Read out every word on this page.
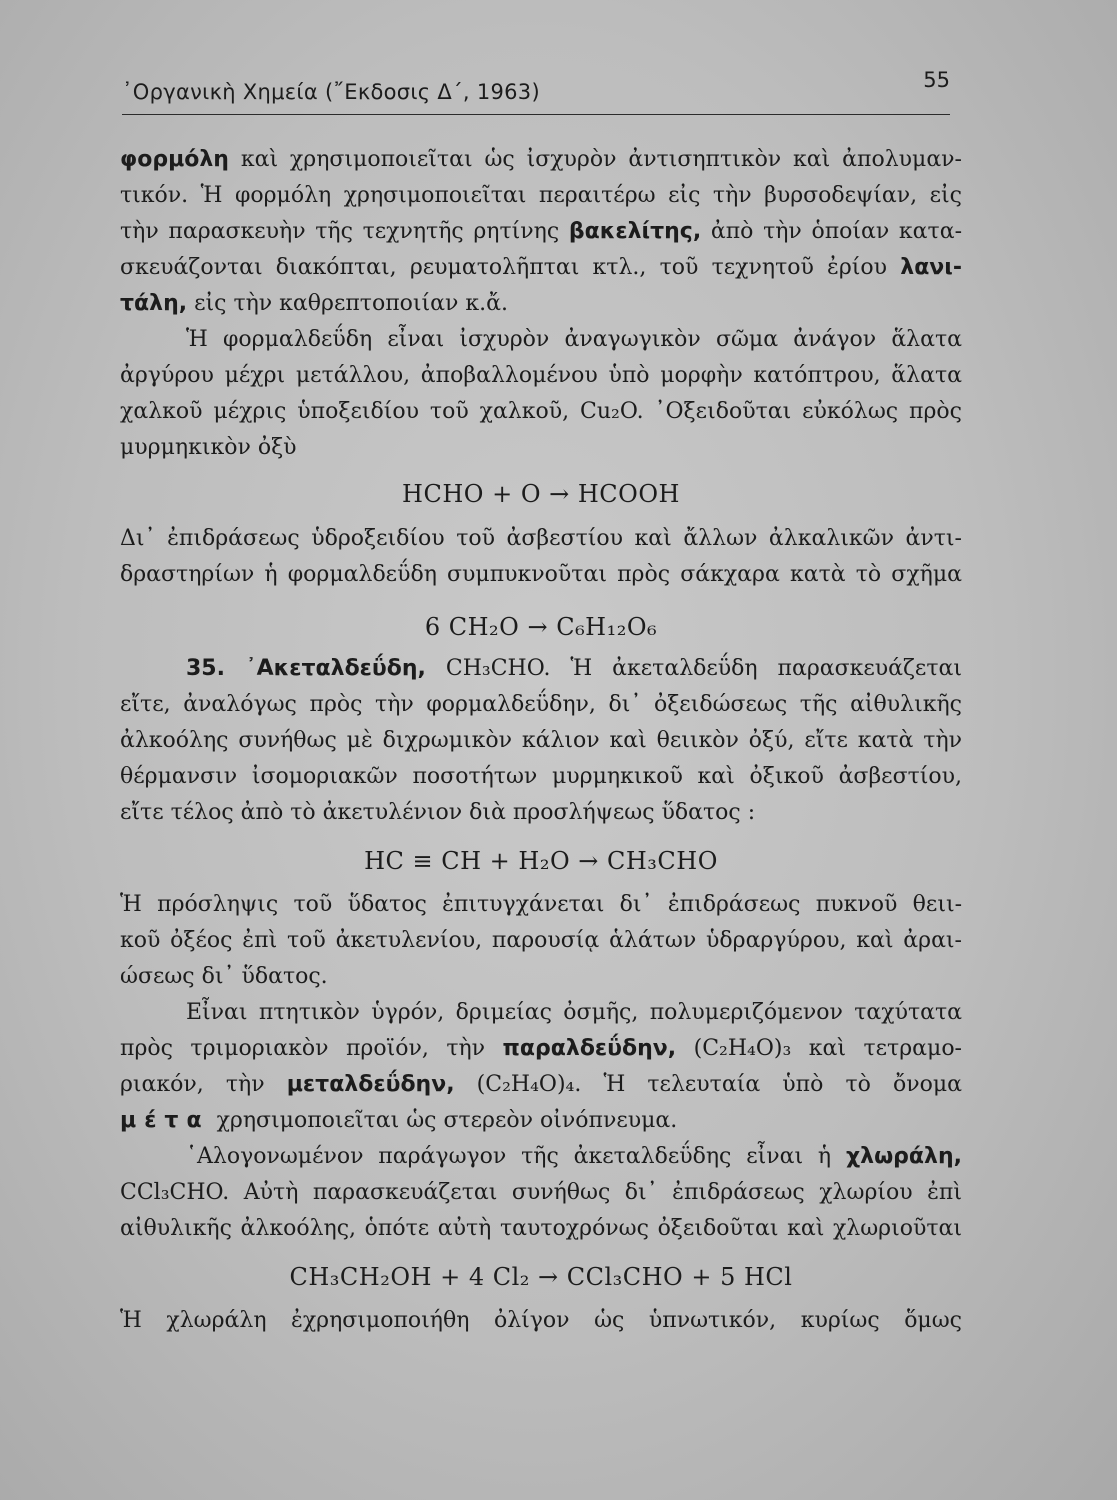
᾿Οργανικὴ Χημεία (῎Εκδοσις Δ΄, 1963)	55

φορμόλη καὶ χρησιμοποιεῖται ὡς ἰσχυρὸν ἀντισηπτικὸν καὶ ἀπολυμαν-
τικόν. Ἡ φορμόλη χρησιμοποιεῖται περαιτέρω εἰς τὴν βυρσοδεψίαν, εἰς
τὴν παρασκευὴν τῆς τεχνητῆς ρητίνης βακελίτης, ἀπὸ τὴν ὁποίαν κατα-
σκευάζονται διακόπται, ρευματολῆπται κτλ., τοῦ τεχνητοῦ ἐρίου λανι-
τάλη, εἰς τὴν καθρεπτοποιίαν κ.ἄ.

Ἡ φορμαλδεΰδη εἶναι ἰσχυρὸν ἀναγωγικὸν σῶμα ἀνάγον ἅλατα
ἀργύρου μέχρι μετάλλου, ἀποβαλλομένου ὑπὸ μορφὴν κατόπτρου, ἅλατα
χαλκοῦ μέχρις ὑποξειδίου τοῦ χαλκοῦ, Cu₂O. ᾿Οξειδοῦται εὐκόλως πρὸς
μυρμηκικὸν ὀξὺ

HCHO + O → HCOOH

Δι᾿ ἐπιδράσεως ὑδροξειδίου τοῦ ἀσβεστίου καὶ ἄλλων ἀλκαλικῶν ἀντι-
δραστηρίων ἡ φορμαλδεΰδη συμπυκνοῦται πρὸς σάκχαρα κατὰ τὸ σχῆμα

6 CH₂O → C₆H₁₂O₆

35. ᾿Ακεταλδεΰδη, CH₃CHO. Ἡ ἀκεταλδεΰδη παρασκευάζεται
εἴτε, ἀναλόγως πρὸς τὴν φορμαλδεΰδην, δι᾿ ὀξειδώσεως τῆς αἰθυλικῆς
ἀλκοόλης συνήθως μὲ διχρωμικὸν κάλιον καὶ θειικὸν ὀξύ, εἴτε κατὰ τὴν
θέρμανσιν ἰσομοριακῶν ποσοτήτων μυρμηκικοῦ καὶ ὀξικοῦ ἀσβεστίου,
εἴτε τέλος ἀπὸ τὸ ἀκετυλένιον διὰ προσλήψεως ὕδατος :

HC ≡ CH + H₂O → CH₃CHO

Ἡ πρόσληψις τοῦ ὕδατος ἐπιτυγχάνεται δι᾿ ἐπιδράσεως πυκνοῦ θειι-
κοῦ ὀξέος ἐπὶ τοῦ ἀκετυλενίου, παρουσίᾳ ἁλάτων ὑδραργύρου, καὶ ἀραι-
ώσεως δι᾿ ὕδατος.

Εἶναι πτητικὸν ὑγρόν, δριμείας ὀσμῆς, πολυμεριζόμενον ταχύτατα
πρὸς τριμοριακὸν προϊόν, τὴν παραλδεΰδην, (C₂H₄O)₃ καὶ τετραμο-
ριακόν, τὴν μεταλδεΰδην, (C₂H₄O)₄. Ἡ τελευταία ὑπὸ τὸ ὄνομα
μέτα χρησιμοποιεῖται ὡς στερεὸν οἰνόπνευμα.

῾Αλογονωμένον παράγωγον τῆς ἀκεταλδεΰδης εἶναι ἡ χλωράλη,
CCl₃CHO. Αὐτὴ παρασκευάζεται συνήθως δι᾿ ἐπιδράσεως χλωρίου ἐπὶ
αἰθυλικῆς ἀλκοόλης, ὁπότε αὐτὴ ταυτοχρόνως ὀξειδοῦται καὶ χλωριοῦται

CH₃CH₂OH + 4 Cl₂ → CCl₃CHO + 5 HCl

Ἡ χλωράλη ἐχρησιμοποιήθη ὀλίγον ὡς ὑπνωτικόν, κυρίως ὅμως
